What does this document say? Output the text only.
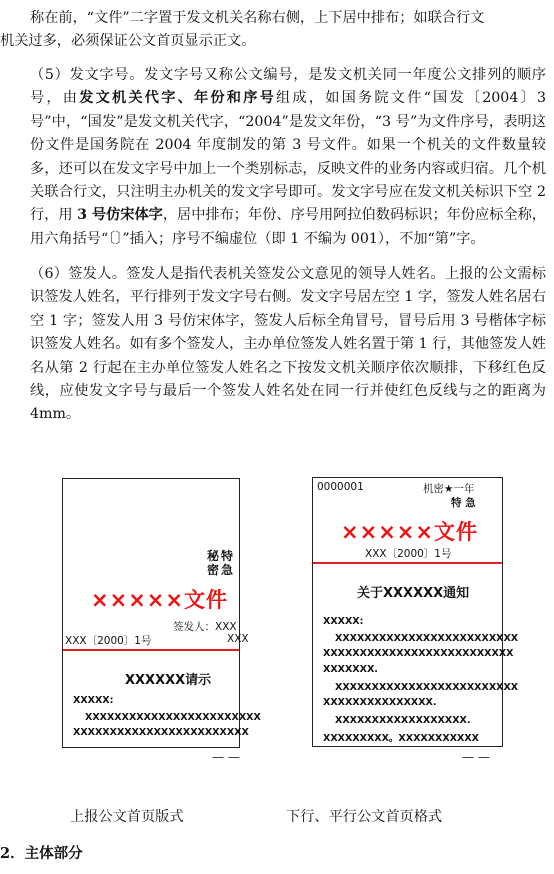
称在前，“文件”二字置于发文机关名称右侧，上下居中排布；如联合行文
机关过多，必须保证公文首页显示正文。
（5）发文字号。发文字号又称公文编号，是发文机关同一年度公文排列的顺序号，由发文机关代字、年份和序号组成，如国务院文件“国发〔2004〕3 号”中，“国发”是发文机关代字，“2004”是发文年份，“3 号”为文件序号，表明这份文件是国务院在 2004 年度制发的第 3 号文件。如果一个机关的文件数量较多，还可以在发文字号中加上一个类别标志，反映文件的业务内容或归宿。几个机关联合行文，只注明主办机关的发文字号即可。发文字号应在发文机关标识下空 2 行，用 3 号仿宋体字，居中排布；年份、序号用阿拉伯数码标识；年份应标全称，用六角括号“〔〕”插入；序号不编虚位（即 1 不编为 001），不加“第”字。
（6）签发人。签发人是指代表机关签发公文意见的领导人姓名。上报的公文需标识签发人姓名，平行排列于发文字号右侧。发文字号居左空 1 字，签发人姓名居右空 1 字；签发人用 3 号仿宋体字，签发人后标全角冒号，冒号后用 3 号楷体字标识签发人姓名。如有多个签发人，主办单位签发人姓名置于第 1 行，其他签发人姓名从第 2 行起在主办单位签发人姓名之下按发文机关顺序依次顺排，下移红色反线，应使发文字号与最后一个签发人姓名处在同一行并使红色反线与之的距离为 4mm。
秘密
特急
×××××文件
签发人：XXX
XXX〔2000〕1号	XXX
XXXXXX请示
XXXXX:
XXXXXXXXXXXXXXXXXXXXXXXX
XXXXXXXXXXXXXXXXXXXXXXXX
— —
0000001	机密★一年
特 急
×××××文件
XXX〔2000〕1号
关于XXXXXX通知
XXXXX:
XXXXXXXXXXXXXXXXXXXXXXXXX
XXXXXXXXXXXXXXXXXXXXXXXXXX
XXXXXXX.
XXXXXXXXXXXXXXXXXXXXXXXXX
XXXXXXXXXXXXXXX.
XXXXXXXXXXXXXXXXXX.
XXXXXXXXX。XXXXXXXXXXX
— —
上报公文首页版式	下行、平行公文首页格式
2．主体部分
